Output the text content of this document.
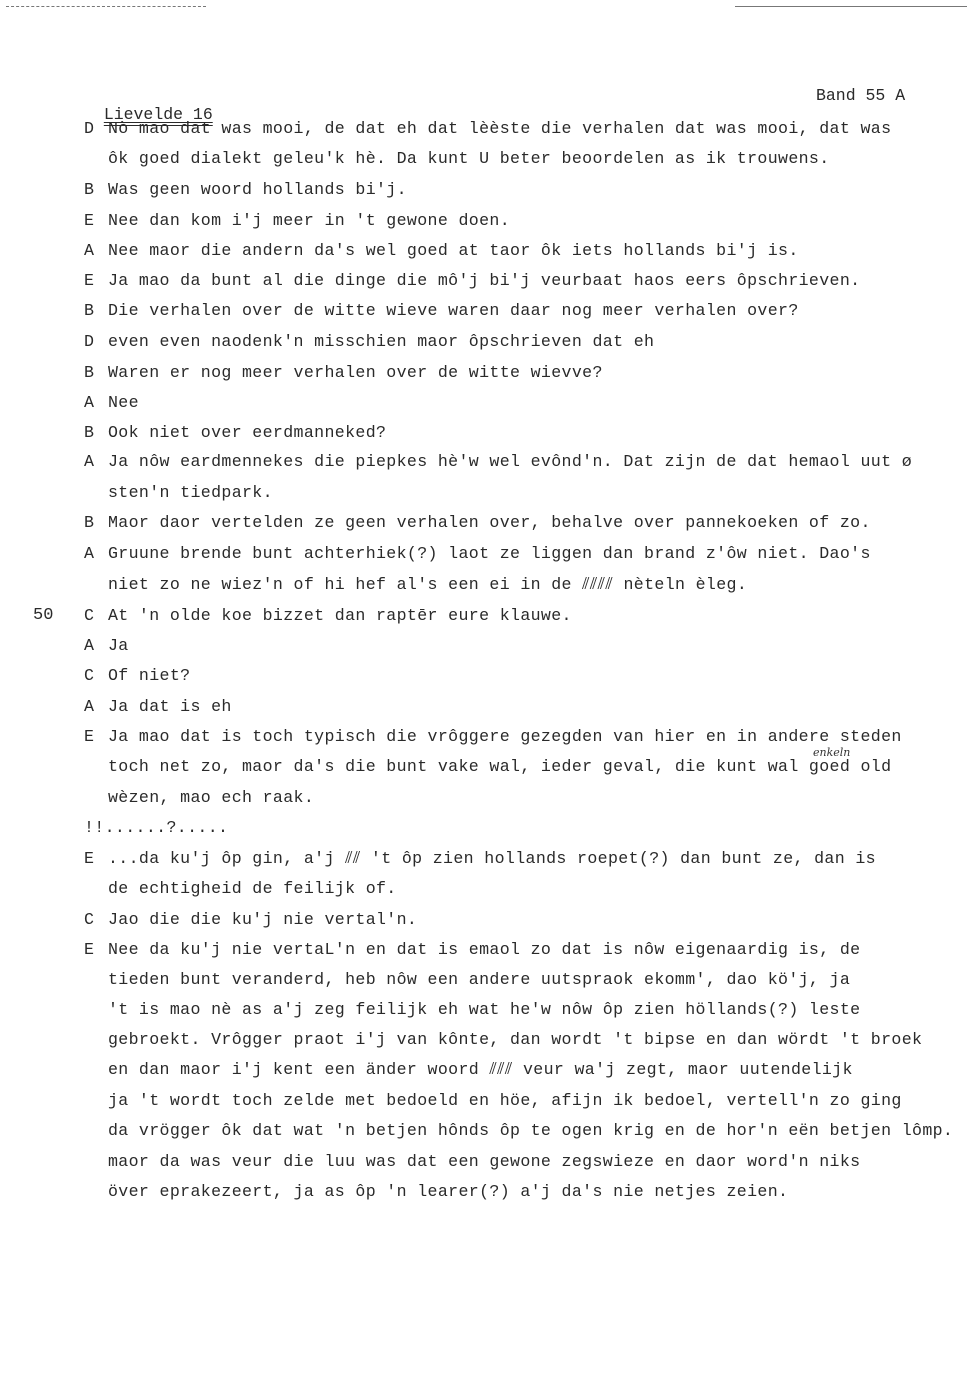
Lievelde 16

Band 55 A
50
enkeln
D Nò mao dat was mooi, de dat eh dat lèèste die verhalen dat was mooi, dat was
ôk goed dialekt geleu'k hè. Da kunt U beter beoordelen as ik trouwens.
B Was geen woord hollands bi'j.
E Nee dan kom i'j meer in 't gewone doen.
A Nee maor die andern da's wel goed at taor ôk iets hollands bi'j is.
E Ja mao da bunt al die dinge die mô'j bi'j veurbaat haos eers ôpschrieven.
B Die verhalen over de witte wieve waren daar nog meer verhalen over?
D even even naodenk'n misschien maor ôpschrieven dat eh
B Waren er nog meer verhalen over de witte wievve?
A Nee
B Ook niet over eerdmanneked?
A Ja nôw eardmennekes die piepkes hè'w wel evônd'n. Dat zijn de dat hemaol uut ø
sten'n tiedpark.
B Maor daor vertelden ze geen verhalen over, behalve over pannekoeken of zo.
A Gruune brende bunt achterhiek(?) laot ze liggen dan brand z'ôw niet. Dao's
niet zo ne wiez'n of hi hef al's een ei in de ⫽⫽⫽⫽ nèteln èleg.
C At 'n olde koe bizzet dan raptēr eure klauwe.
A Ja
C Of niet?
A Ja dat is eh
E Ja mao dat is toch typisch die vrôggere gezegden van hier en in andere steden
toch net zo, maor da's die bunt vake wal, ieder geval, die kunt wal goed old
wèzen, mao ech raak.
!!......?.....
E ...da ku'j ôp gin, a'j ⫽⫽ 't ôp zien hollands roepet(?) dan bunt ze, dan is
de echtigheid de feilijk of.
C Jao die die ku'j nie vertal'n.
E Nee da ku'j nie vertaL'n en dat is emaol zo dat is nôw eigenaardig is, de
tieden bunt veranderd, heb nôw een andere uutspraok ekomm', dao kö'j, ja
't is mao nè as a'j zeg feilijk eh wat he'w nôw ôp zien höllands(?) leste
gebroekt. Vrôgger praot i'j van kônte, dan wordt 't bipse en dan wördt 't broek
en dan maor i'j kent een änder woord ⫽⫽⫽ veur wa'j zegt, maor uutendelijk
ja 't wordt toch zelde met bedoeld en höe, afijn ik bedoel, vertell'n zo ging
da vrögger ôk dat wat 'n betjen hônds ôp te ogen krig en de hor'n eën betjen lômp.
maor da was veur die luu was dat een gewone zegswieze en daor word'n niks
över eprakezeert, ja as ôp 'n learer(?) a'j da's nie netjes zeien.
